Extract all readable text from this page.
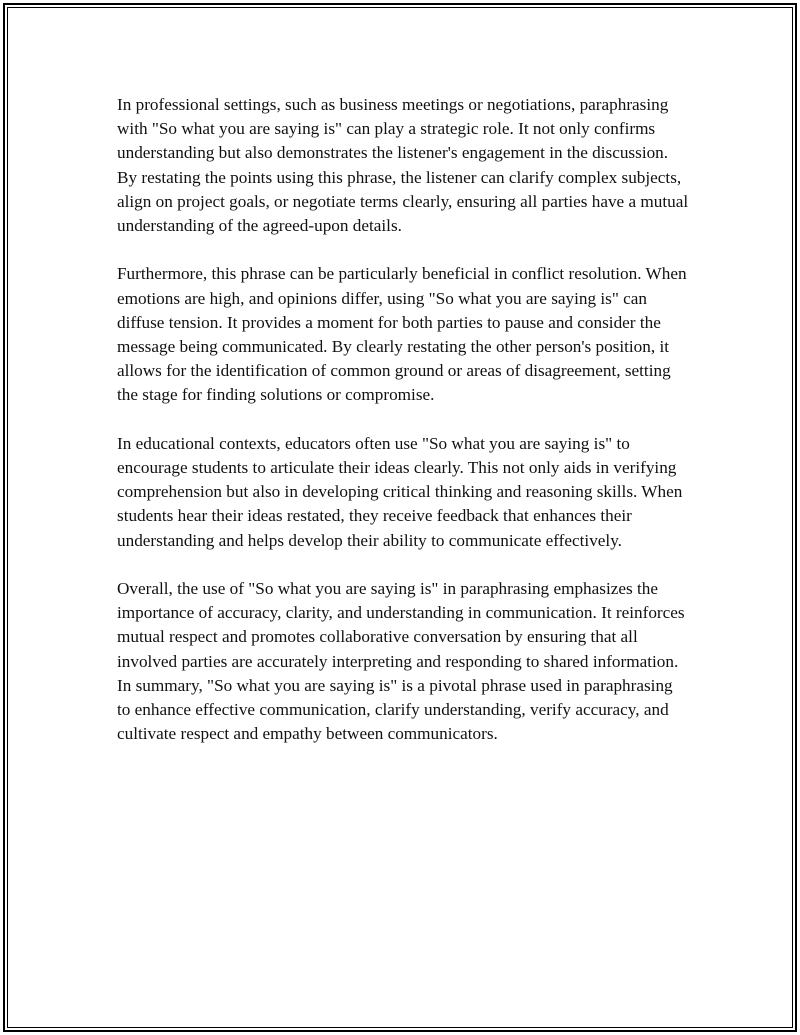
In professional settings, such as business meetings or negotiations, paraphrasing with "So what you are saying is" can play a strategic role. It not only confirms understanding but also demonstrates the listener's engagement in the discussion. By restating the points using this phrase, the listener can clarify complex subjects, align on project goals, or negotiate terms clearly, ensuring all parties have a mutual understanding of the agreed-upon details.

Furthermore, this phrase can be particularly beneficial in conflict resolution. When emotions are high, and opinions differ, using "So what you are saying is" can diffuse tension. It provides a moment for both parties to pause and consider the message being communicated. By clearly restating the other person's position, it allows for the identification of common ground or areas of disagreement, setting the stage for finding solutions or compromise.

In educational contexts, educators often use "So what you are saying is" to encourage students to articulate their ideas clearly. This not only aids in verifying comprehension but also in developing critical thinking and reasoning skills. When students hear their ideas restated, they receive feedback that enhances their understanding and helps develop their ability to communicate effectively.

Overall, the use of "So what you are saying is" in paraphrasing emphasizes the importance of accuracy, clarity, and understanding in communication. It reinforces mutual respect and promotes collaborative conversation by ensuring that all involved parties are accurately interpreting and responding to shared information. In summary, "So what you are saying is" is a pivotal phrase used in paraphrasing to enhance effective communication, clarify understanding, verify accuracy, and cultivate respect and empathy between communicators.
